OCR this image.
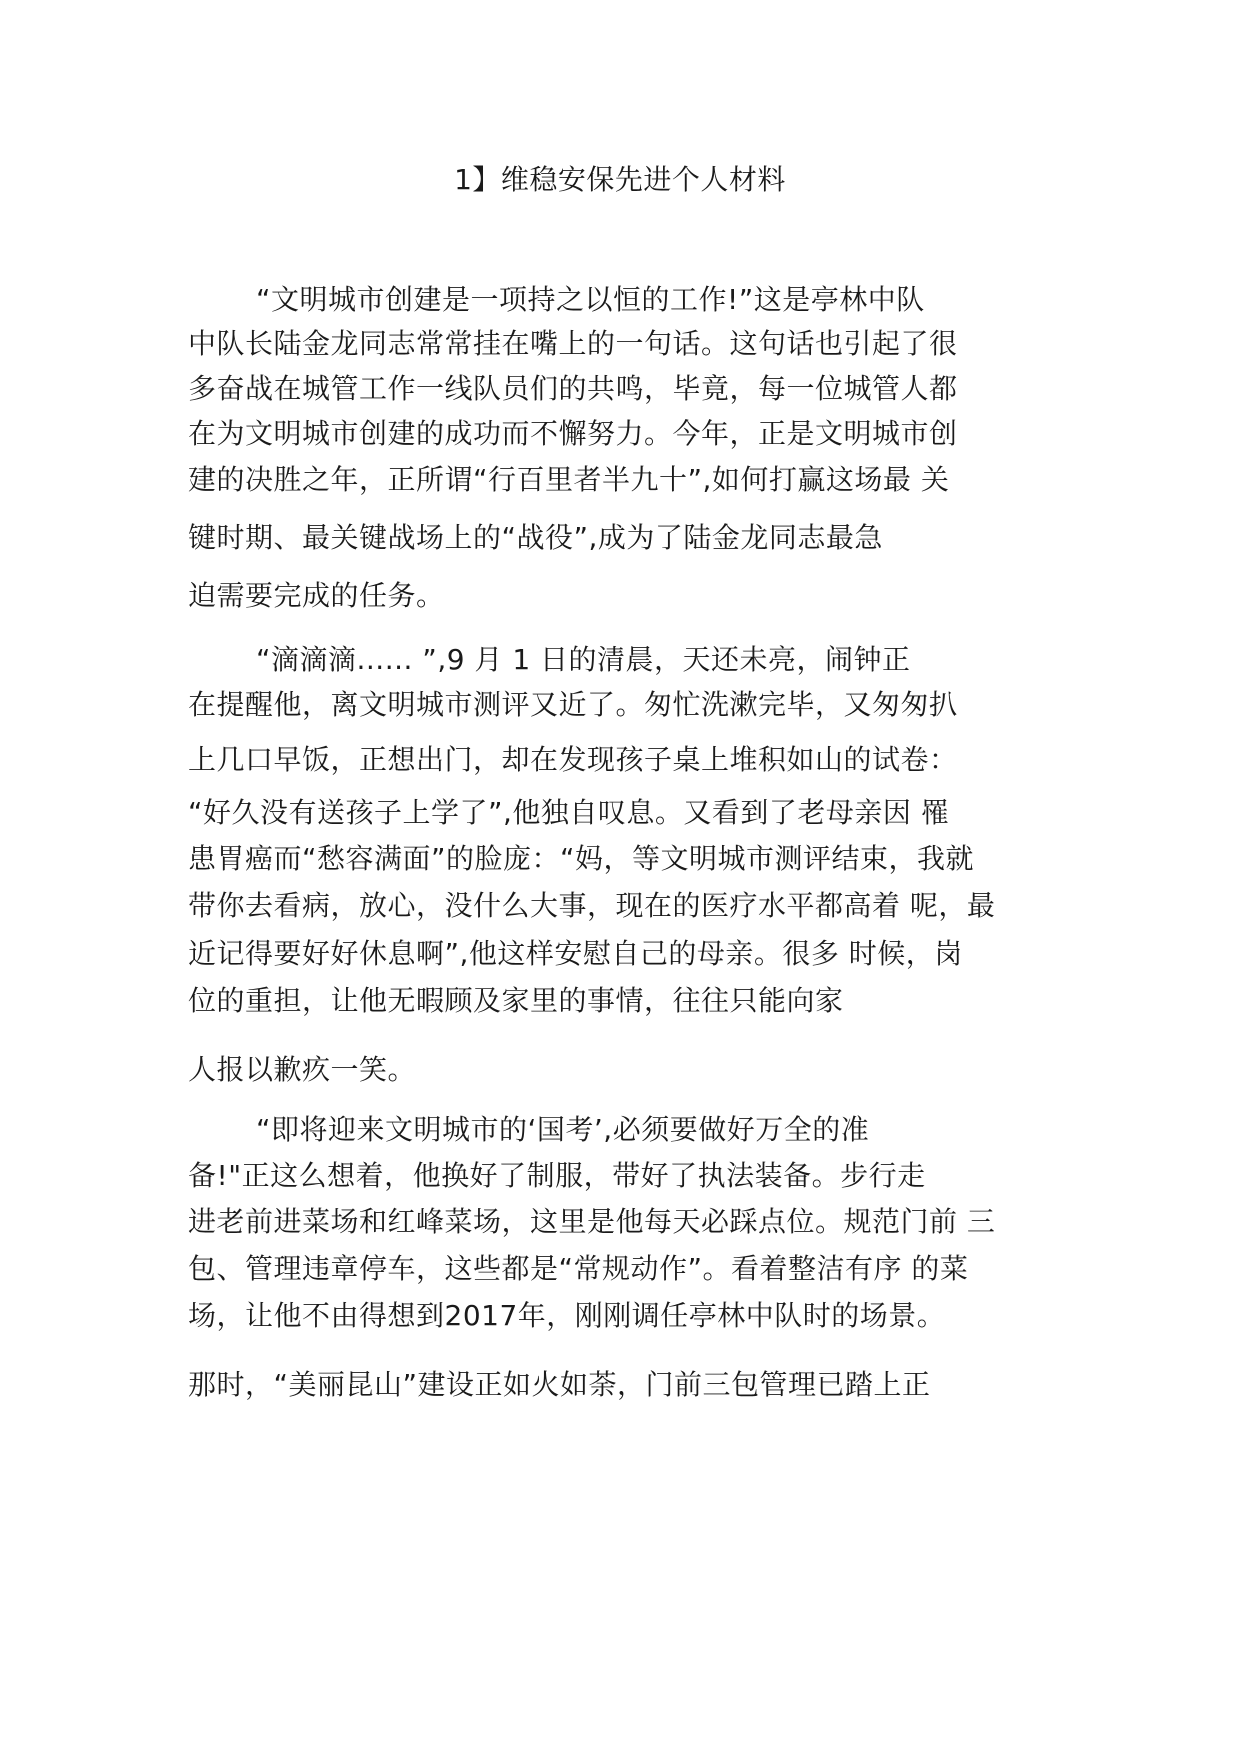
1】维稳安保先进个人材料
“文明城市创建是一项持之以恒的工作!”这是亭林中队
中队长陆金龙同志常常挂在嘴上的一句话。这句话也引起了很
多奋战在城管工作一线队员们的共鸣，毕竟，每一位城管人都
在为文明城市创建的成功而不懈努力。今年，正是文明城市创
建的决胜之年，正所谓“行百里者半九十”,如何打赢这场最 关
键时期、最关键战场上的“战役”,成为了陆金龙同志最急
迫需要完成的任务。
“滴滴滴...... ”,9 月 1 日的清晨，天还未亮，闹钟正
在提醒他，离文明城市测评又近了。匆忙洗漱完毕，又匆匆扒
上几口早饭，正想出门，却在发现孩子桌上堆积如山的试卷：
“好久没有送孩子上学了”,他独自叹息。又看到了老母亲因 罹
患胃癌而“愁容满面”的脸庞：“妈，等文明城市测评结束，我就
带你去看病，放心，没什么大事，现在的医疗水平都高着 呢，最
近记得要好好休息啊”,他这样安慰自己的母亲。很多 时候，岗
位的重担，让他无暇顾及家里的事情，往往只能向家
人报以歉疚一笑。
“即将迎来文明城市的‘国考’,必须要做好万全的准
备!"正这么想着，他换好了制服，带好了执法装备。步行走
进老前进菜场和红峰菜场，这里是他每天必踩点位。规范门前 三
包、管理违章停车，这些都是“常规动作”。看着整洁有序 的菜
场，让他不由得想到2017年，刚刚调任亭林中队时的场景。
那时，“美丽昆山”建设正如火如荼，门前三包管理已踏上正
